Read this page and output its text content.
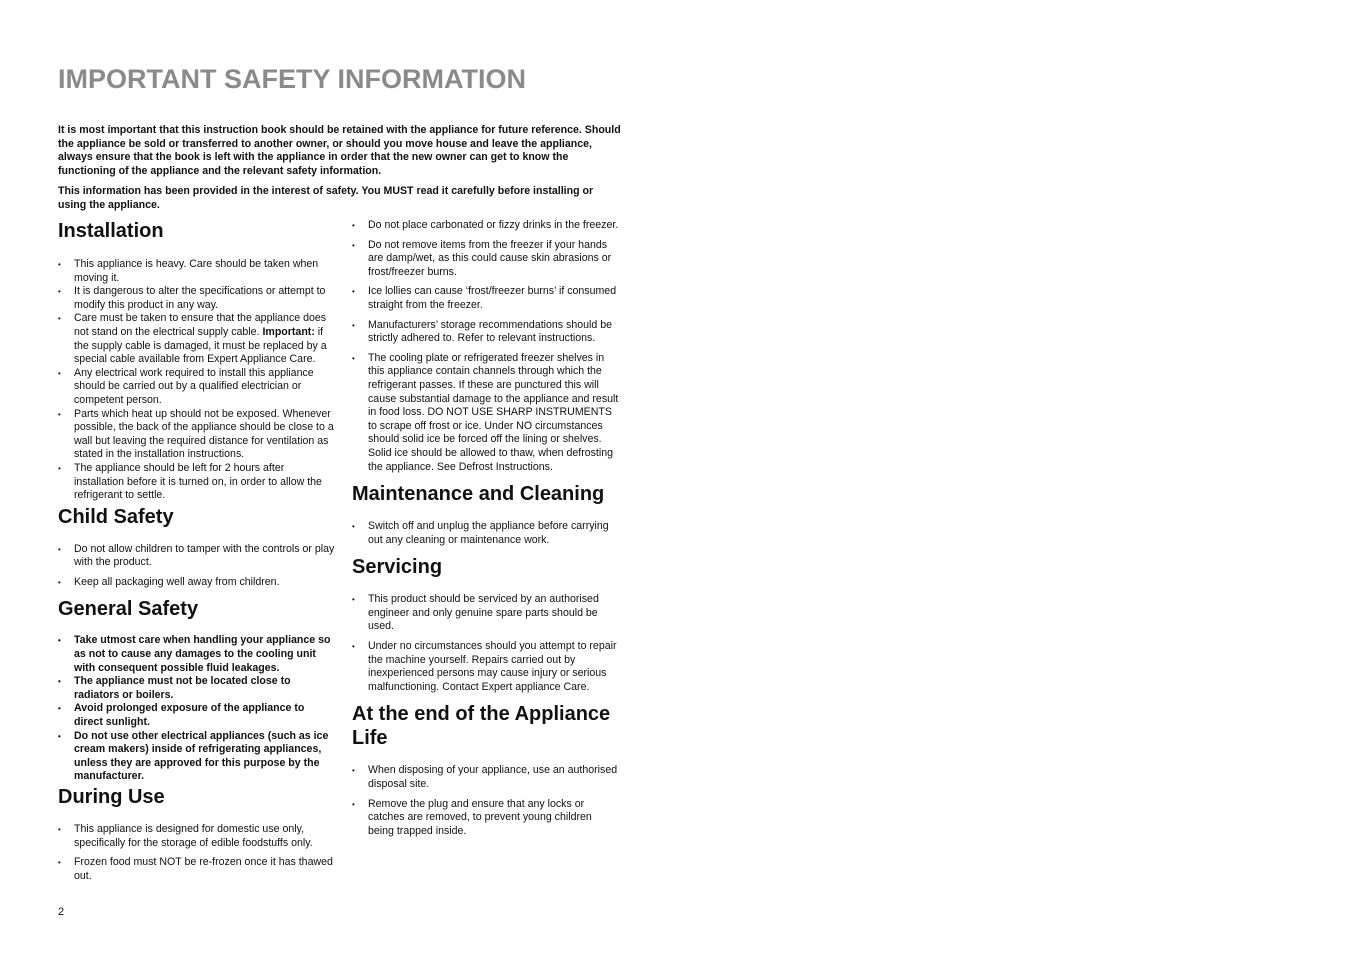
IMPORTANT SAFETY INFORMATION

It is most important that this instruction book should be retained with the appliance for future reference. Should the appliance be sold or transferred to another owner, or should you move house and leave the appliance, always ensure that the book is left with the appliance in order that the new owner can get to know the functioning of the appliance and the relevant safety information.

This information has been provided in the interest of safety. You MUST read it carefully before installing or using the appliance.

Installation
• This appliance is heavy. Care should be taken when moving it.
• It is dangerous to alter the specifications or attempt to modify this product in any way.
• Care must be taken to ensure that the appliance does not stand on the electrical supply cable. Important: if the supply cable is damaged, it must be replaced by a special cable available from Expert Appliance Care.
• Any electrical work required to install this appliance should be carried out by a qualified electrician or competent person.
• Parts which heat up should not be exposed. Whenever possible, the back of the appliance should be close to a wall but leaving the required distance for ventilation as stated in the installation instructions.
• The appliance should be left for 2 hours after installation before it is turned on, in order to allow the refrigerant to settle.
Child Safety
• Do not allow children to tamper with the controls or play with the product.
• Keep all packaging well away from children.
General Safety
• Take utmost care when handling your appliance so as not to cause any damages to the cooling unit with consequent possible fluid leakages.
• The appliance must not be located close to radiators or boilers.
• Avoid prolonged exposure of the appliance to direct sunlight.
• Do not use other electrical appliances (such as ice cream makers) inside of refrigerating appliances, unless they are approved for this purpose by the manufacturer.
During Use
• This appliance is designed for domestic use only, specifically for the storage of edible foodstuffs only.
• Frozen food must NOT be re-frozen once it has thawed out.
• Do not place carbonated or fizzy drinks in the freezer.
• Do not remove items from the freezer if your hands are damp/wet, as this could cause skin abrasions or frost/freezer burns.
• Ice lollies can cause ‘frost/freezer burns’ if consumed straight from the freezer.
• Manufacturers’ storage recommendations should be strictly adhered to. Refer to relevant instructions.
• The cooling plate or refrigerated freezer shelves in this appliance contain channels through which the refrigerant passes. If these are punctured this will cause substantial damage to the appliance and result in food loss. DO NOT USE SHARP INSTRUMENTS to scrape off frost or ice. Under NO circumstances should solid ice be forced off the lining or shelves. Solid ice should be allowed to thaw, when defrosting the appliance. See Defrost Instructions.
Maintenance and Cleaning
• Switch off and unplug the appliance before carrying out any cleaning or maintenance work.
Servicing
• This product should be serviced by an authorised engineer and only genuine spare parts should be used.
• Under no circumstances should you attempt to repair the machine yourself. Repairs carried out by inexperienced persons may cause injury or serious malfunctioning. Contact Expert appliance Care.
At the end of the Appliance Life
• When disposing of your appliance, use an authorised disposal site.
• Remove the plug and ensure that any locks or catches are removed, to prevent young children being trapped inside.

2
